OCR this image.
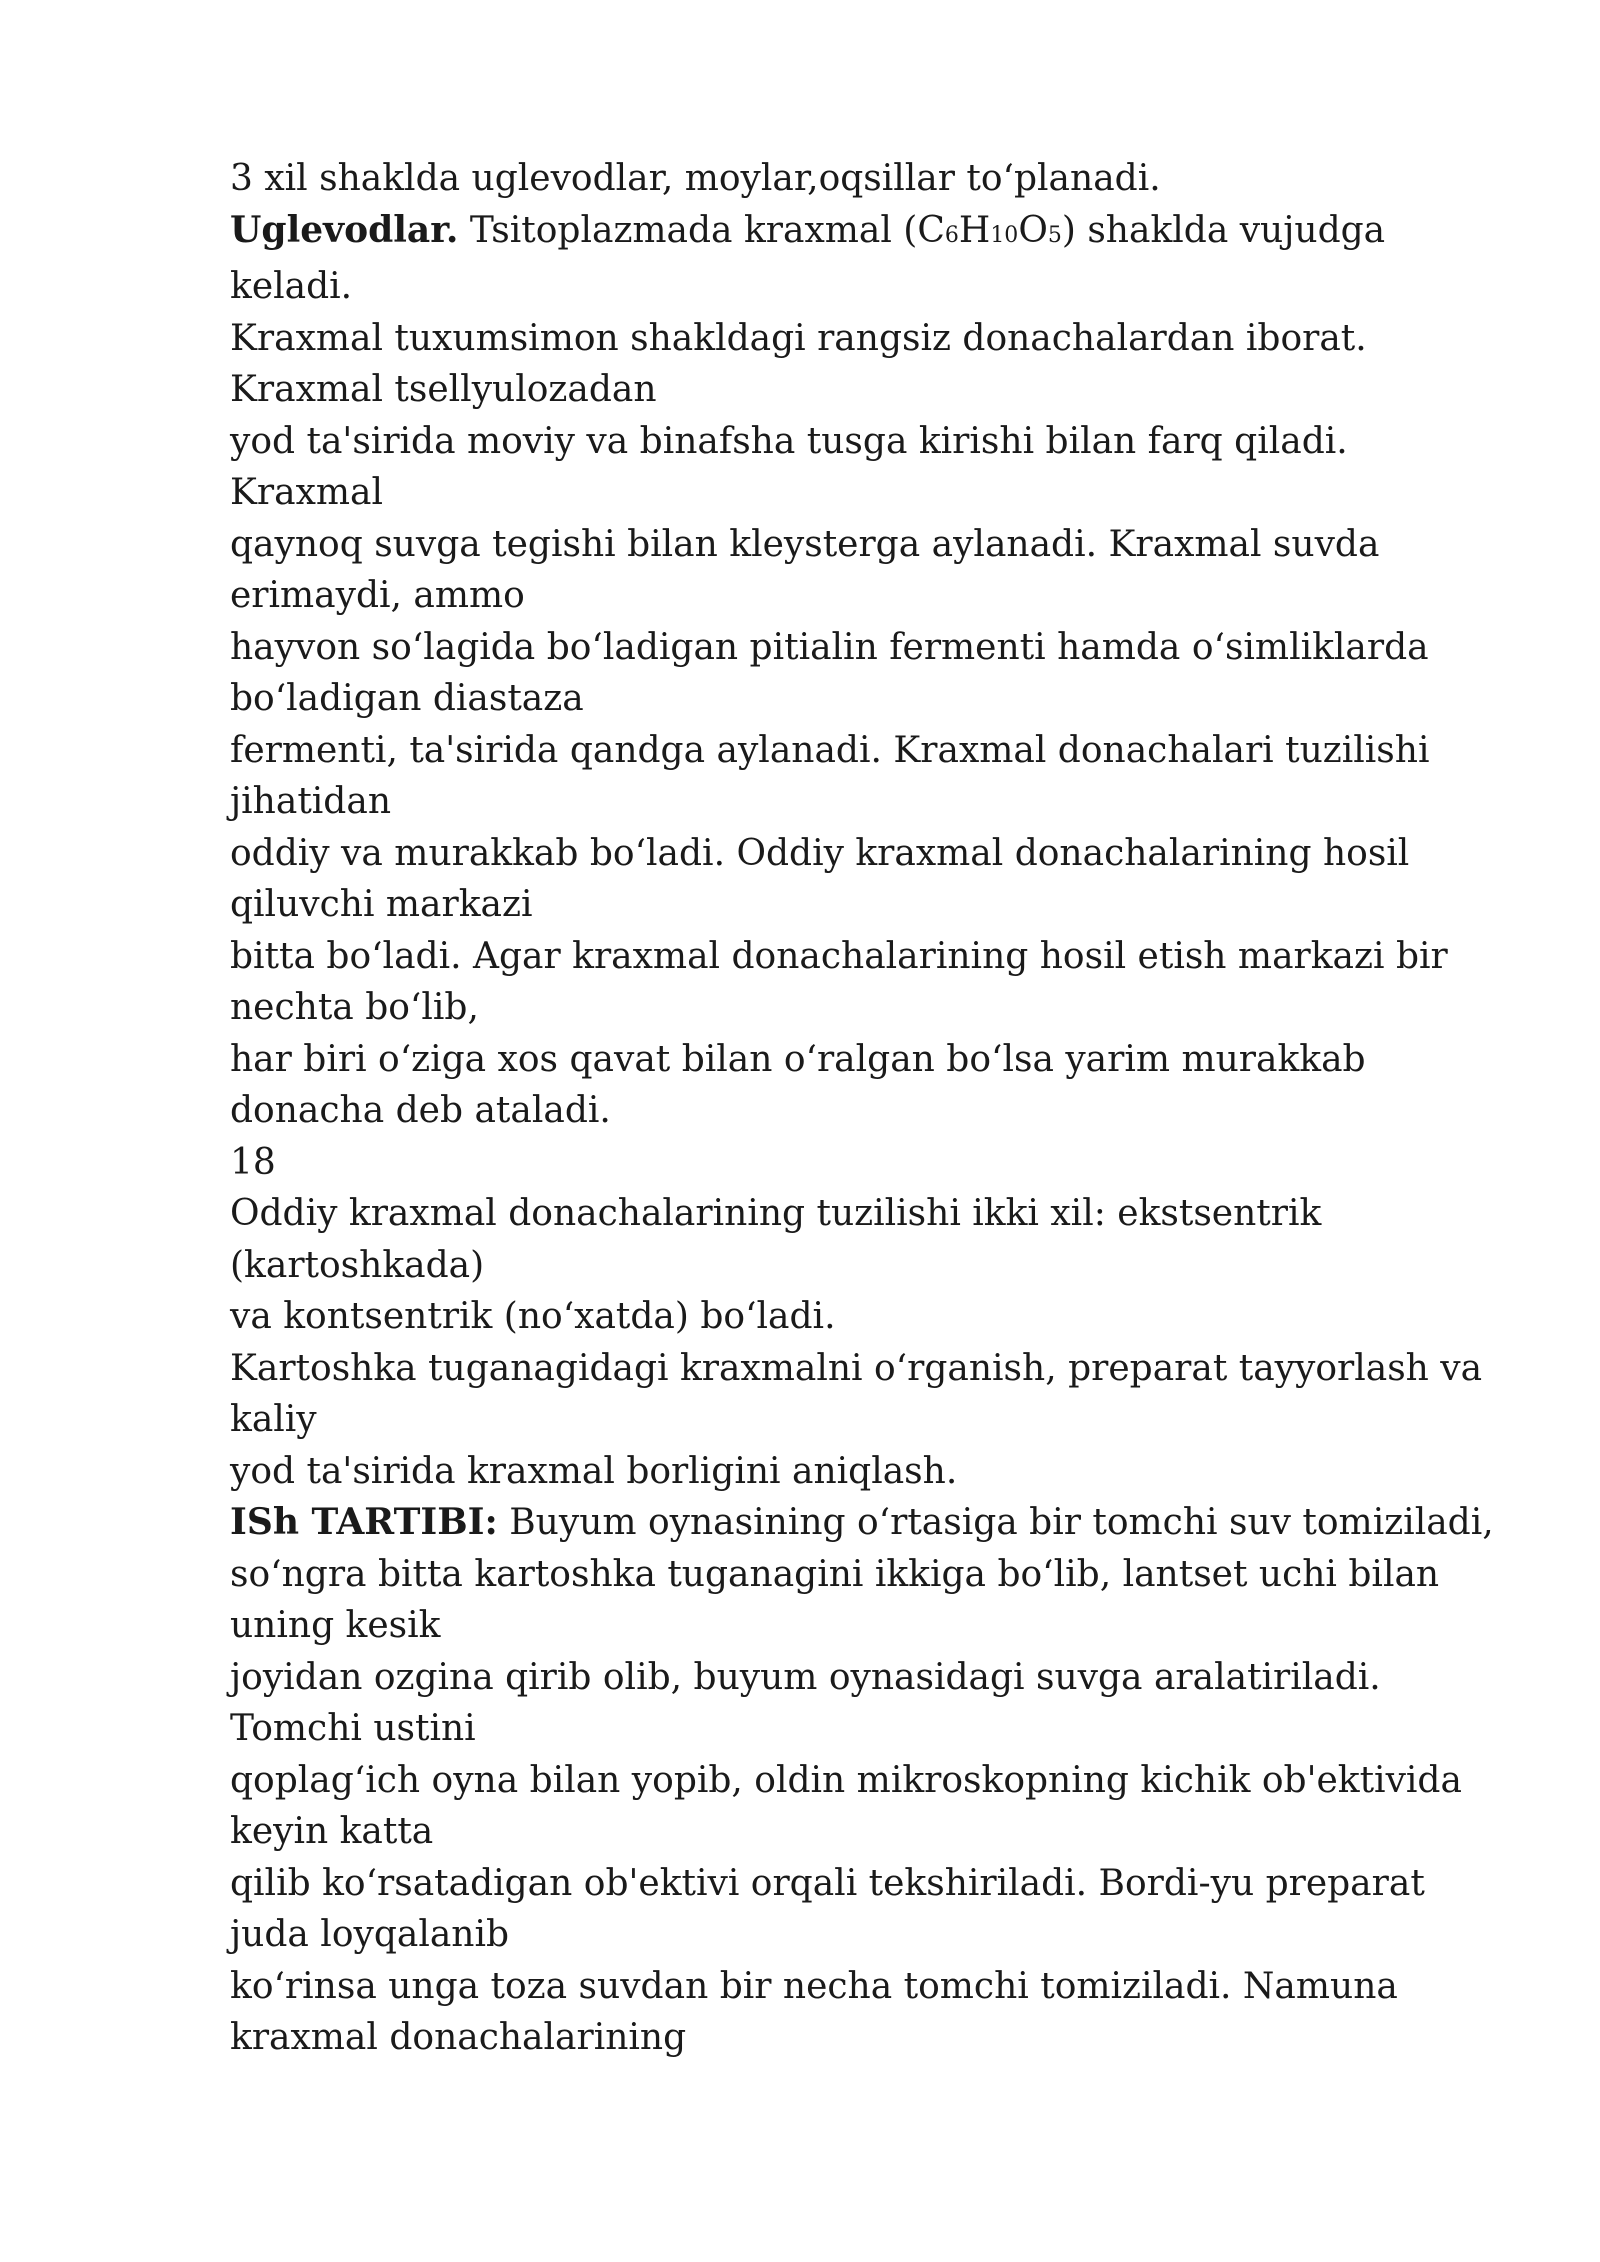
3 xil shaklda uglevodlar, moylar,oqsillar to‘planadi.
Uglevodlar. Tsitoplazmada kraxmal (C6H10O5) shaklda vujudga
keladi.
Kraxmal tuxumsimon shakldagi rangsiz donachalardan iborat.
Kraxmal tsellyulozadan
yod ta'sirida moviy va binafsha tusga kirishi bilan farq qiladi.
Kraxmal
qaynoq suvga tegishi bilan kleysterga aylanadi. Kraxmal suvda
erimaydi, ammo
hayvon so‘lagida bo‘ladigan pitialin fermenti hamda o‘simliklarda
bo‘ladigan diastaza
fermenti, ta'sirida qandga aylanadi. Kraxmal donachalari tuzilishi
jihatidan
oddiy va murakkab bo‘ladi. Oddiy kraxmal donachalarining hosil
qiluvchi markazi
bitta bo‘ladi. Agar kraxmal donachalarining hosil etish markazi bir
nechta bo‘lib,
har biri o‘ziga xos qavat bilan o‘ralgan bo‘lsa yarim murakkab
donacha deb ataladi.
18
Oddiy kraxmal donachalarining tuzilishi ikki xil: ekstsentrik
(kartoshkada)
va kontsentrik (no‘xatda) bo‘ladi.
Kartoshka tuganagidagi kraxmalni o‘rganish, preparat tayyorlash va
kaliy
yod ta'sirida kraxmal borligini aniqlash.
ISh TARTIBI: Buyum oynasining o‘rtasiga bir tomchi suv tomiziladi,
so‘ngra bitta kartoshka tuganagini ikkiga bo‘lib, lantset uchi bilan
uning kesik
joyidan ozgina qirib olib, buyum oynasidagi suvga aralatiriladi.
Tomchi ustini
qoplag‘ich oyna bilan yopib, oldin mikroskopning kichik ob'ektivida
keyin katta
qilib ko‘rsatadigan ob'ektivi orqali tekshiriladi. Bordi-yu preparat
juda loyqalanib
ko‘rinsa unga toza suvdan bir necha tomchi tomiziladi. Namuna
kraxmal donachalarining
